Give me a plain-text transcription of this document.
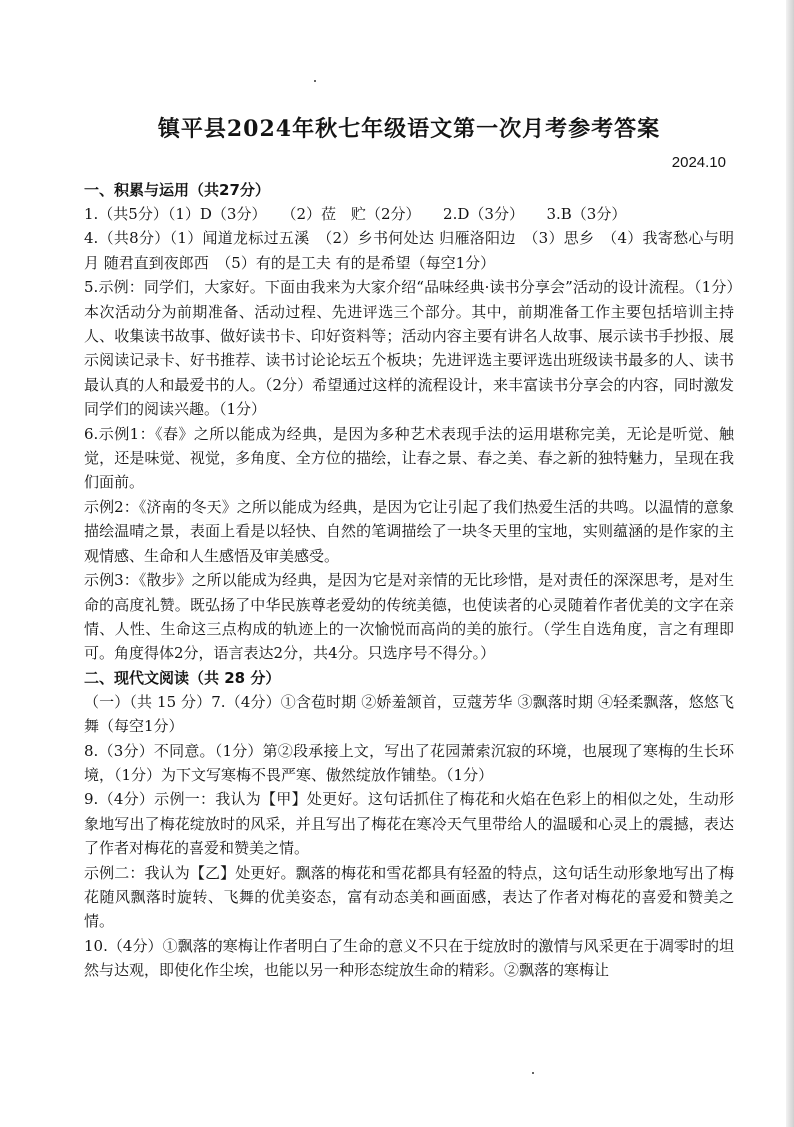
镇平县2024年秋七年级语文第一次月考参考答案
2024.10
一、积累与运用（共27分）

1.（共5分）（1）D（3分）　　（2）莅　贮（2分）　　2.D（3分）　　3.B（3分）

4.（共8分）（1）闻道龙标过五溪　（2）乡书何处达 归雁洛阳边　（3）思乡　（4）我寄愁心与明月 随君直到夜郎西　（5）有的是工夫 有的是希望（每空1分）

5.示例：同学们，大家好。下面由我来为大家介绍“品味经典·读书分享会”活动的设计流程。（1分）本次活动分为前期准备、活动过程、先进评选三个部分。其中，前期准备工作主要包括培训主持人、收集读书故事、做好读书卡、印好资料等；活动内容主要有讲名人故事、展示读书手抄报、展示阅读记录卡、好书推荐、读书讨论论坛五个板块；先进评选主要评选出班级读书最多的人、读书最认真的人和最爱书的人。（2分）希望通过这样的流程设计，来丰富读书分享会的内容，同时激发同学们的阅读兴趣。（1分）

6.示例1：《春》之所以能成为经典，是因为多种艺术表现手法的运用堪称完美，无论是听觉、触觉，还是味觉、视觉，多角度、全方位的描绘，让春之景、春之美、春之新的独特魅力，呈现在我们面前。

示例2：《济南的冬天》之所以能成为经典，是因为它让引起了我们热爱生活的共鸣。以温情的意象描绘温晴之景，表面上看是以轻快、自然的笔调描绘了一块冬天里的宝地，实则蕴涵的是作家的主观情感、生命和人生感悟及审美感受。

示例3：《散步》之所以能成为经典，是因为它是对亲情的无比珍惜，是对责任的深深思考，是对生命的高度礼赞。既弘扬了中华民族尊老爱幼的传统美德，也使读者的心灵随着作者优美的文字在亲情、人性、生命这三点构成的轨迹上的一次愉悦而高尚的美的旅行。（学生自选角度，言之有理即可。角度得体2分，语言表达2分，共4分。只选序号不得分。）

二、现代文阅读（共 28 分）

（一）（共 15 分）7.（4分）①含苞时期 ②娇羞颔首，豆蔻芳华 ③飘落时期 ④轻柔飘落，悠悠飞舞（每空1分）

8.（3分）不同意。（1分）第②段承接上文，写出了花园萧索沉寂的环境，也展现了寒梅的生长环境，（1分）为下文写寒梅不畏严寒、傲然绽放作铺垫。（1分）

9.（4分）示例一：我认为【甲】处更好。这句话抓住了梅花和火焰在色彩上的相似之处，生动形象地写出了梅花绽放时的风采，并且写出了梅花在寒冷天气里带给人的温暖和心灵上的震撼，表达了作者对梅花的喜爱和赞美之情。

示例二：我认为【乙】处更好。飘落的梅花和雪花都具有轻盈的特点，这句话生动形象地写出了梅花随风飘落时旋转、飞舞的优美姿态，富有动态美和画面感，表达了作者对梅花的喜爱和赞美之情。

10.（4分）①飘落的寒梅让作者明白了生命的意义不只在于绽放时的激情与风采更在于凋零时的坦然与达观，即使化作尘埃，也能以另一种形态绽放生命的精彩。②飘落的寒梅让
